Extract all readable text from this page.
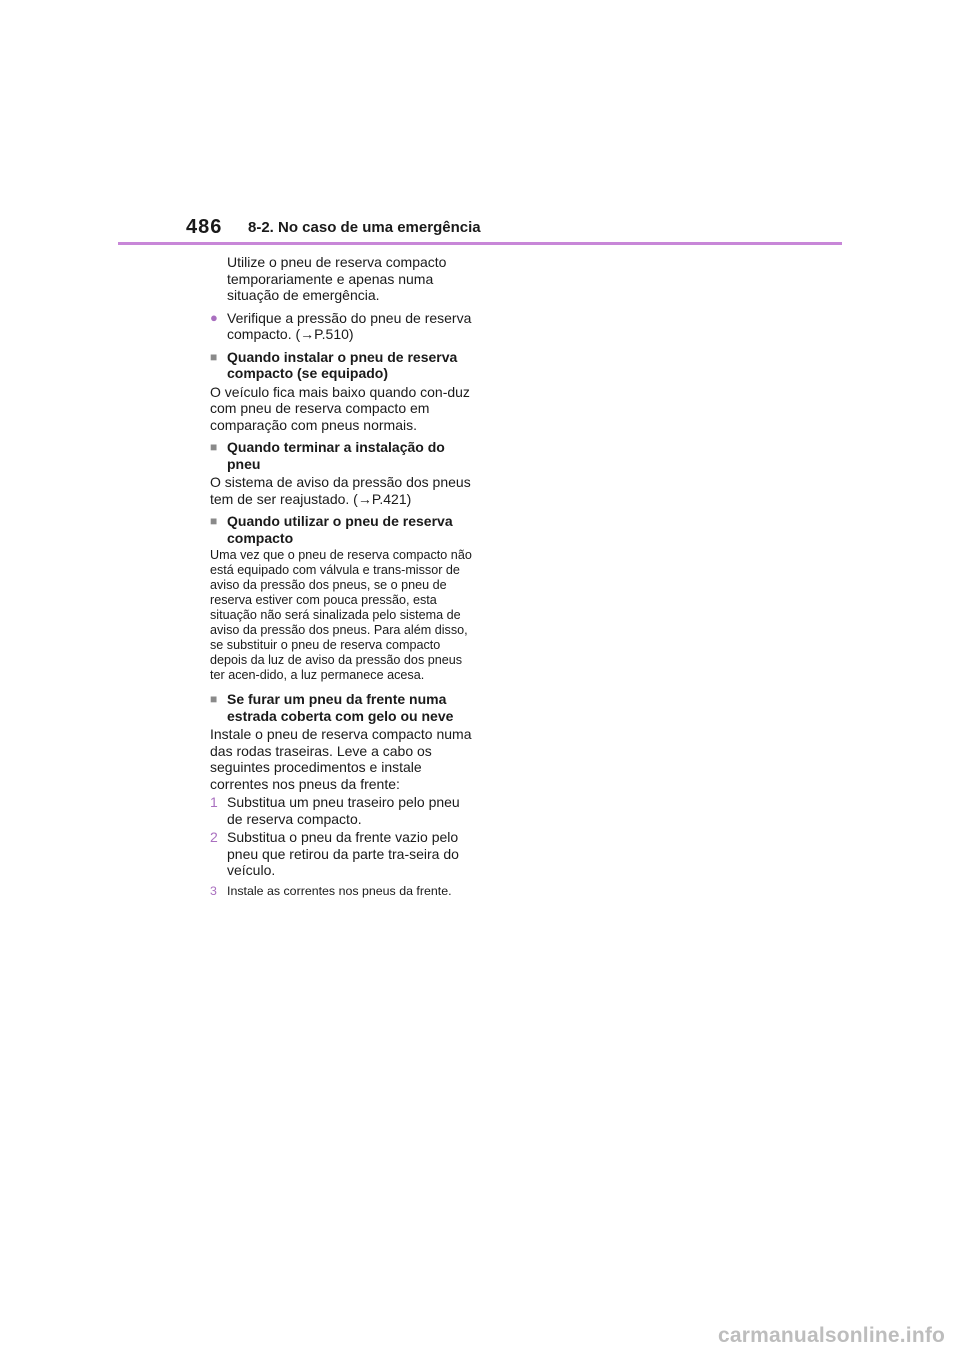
486 8-2. No caso de uma emergência

Utilize o pneu de reserva compacto temporariamente e apenas numa situação de emergência.

● Verifique a pressão do pneu de reserva compacto. (→P.510)
■ Quando instalar o pneu de reserva compacto (se equipado)

O veículo fica mais baixo quando con-duz com pneu de reserva compacto em comparação com pneus normais.

■ Quando terminar a instalação do pneu

O sistema de aviso da pressão dos pneus tem de ser reajustado. (→P.421)

■ Quando utilizar o pneu de reserva compacto

Uma vez que o pneu de reserva compacto não está equipado com válvula e trans-missor de aviso da pressão dos pneus, se o pneu de reserva estiver com pouca pressão, esta situação não será sinalizada pelo sistema de aviso da pressão dos pneus. Para além disso, se substituir o pneu de reserva compacto depois da luz de aviso da pressão dos pneus ter acen-dido, a luz permanece acesa.

■ Se furar um pneu da frente numa estrada coberta com gelo ou neve

Instale o pneu de reserva compacto numa das rodas traseiras. Leve a cabo os seguintes procedimentos e instale correntes nos pneus da frente:

1 Substitua um pneu traseiro pelo pneu de reserva compacto.
2 Substitua o pneu da frente vazio pelo pneu que retirou da parte tra-seira do veículo.
3 Instale as correntes nos pneus da frente.
carmanualsonline.info
